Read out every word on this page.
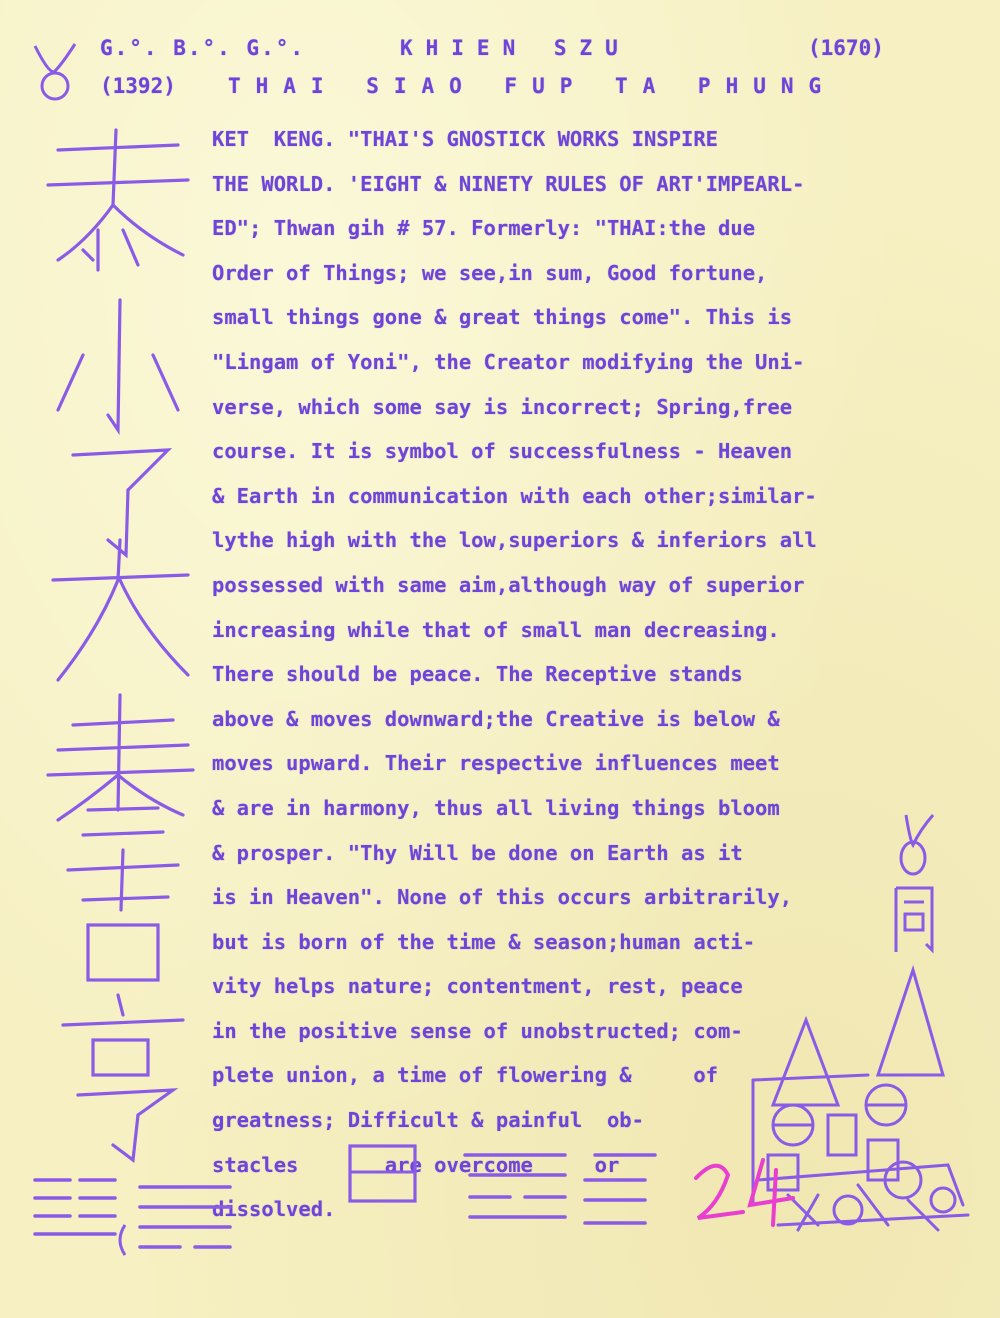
G.°. B.°. G.°.

	KHIEN SZU

	(1670)

(1392)

THAI SIAO FUP TA PHUNG

KET  KENG. "THAI'S GNOSTICK WORKS INSPIRE
THE WORLD. 'EIGHT & NINETY RULES OF ART'IMPEARL-
ED"; Thwan gih # 57. Formerly: "THAI:the due
Order of Things; we see,in sum, Good fortune,
small things gone & great things come". This is
"Lingam of Yoni", the Creator modifying the Uni-
verse, which some say is incorrect; Spring,free
course. It is symbol of successfulness - Heaven
& Earth in communication with each other;similar-
lythe high with the low,superiors & inferiors all
possessed with same aim,although way of superior
increasing while that of small man decreasing.
There should be peace. The Receptive stands
above & moves downward;the Creative is below &
moves upward. Their respective influences meet
& are in harmony, thus all living things bloom
& prosper. "Thy Will be done on Earth as it
is in Heaven". None of this occurs arbitrarily,
but is born of the time & season;human acti-
vity helps nature; contentment, rest, peace
in the positive sense of unobstructed; com-
plete union, a time of flowering &     of
greatness; Difficult & painful  ob-
stacles       are overcome     or
dissolved.
